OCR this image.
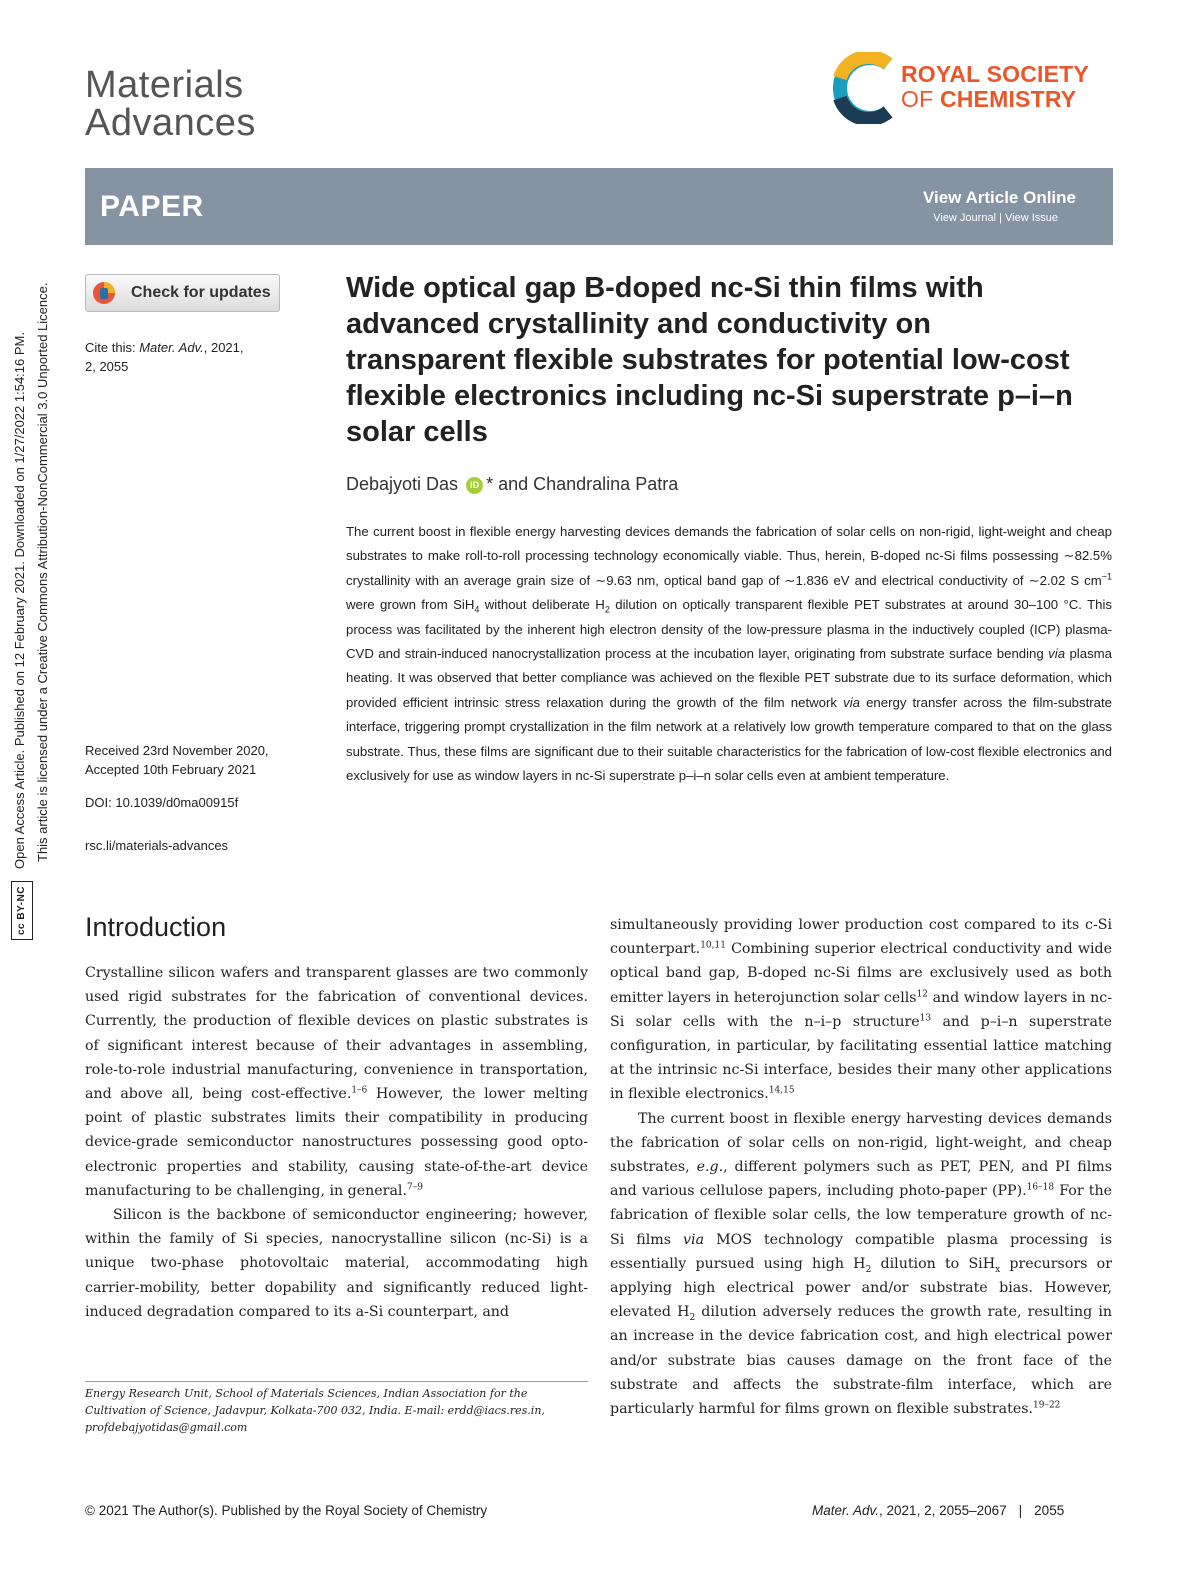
Materials
Advances
ROYAL SOCIETY
OF CHEMISTRY
PAPER	View Article Online
View Journal | View Issue
Check for updates
Cite this: Mater. Adv., 2021,
2, 2055
Received 23rd November 2020,
Accepted 10th February 2021
DOI: 10.1039/d0ma00915f
rsc.li/materials-advances
cc BY-NCOpen Access Article. Published on 12 February 2021. Downloaded on 1/27/2022 1:54:16 PM. This article is licensed under a Creative Commons Attribution-NonCommercial 3.0 Unported Licence.	Wide optical gap B-doped nc-Si thin films with advanced crystallinity and conductivity on transparent flexible substrates for potential low-cost flexible electronics including nc-Si superstrate p–i–n solar cells
Debajyoti Das iD * and Chandralina Patra
The current boost in flexible energy harvesting devices demands the fabrication of solar cells on non-rigid, light-weight and cheap substrates to make roll-to-roll processing technology economically viable. Thus, herein, B-doped nc-Si films possessing ∼82.5% crystallinity with an average grain size of ∼9.63 nm, optical band gap of ∼1.836 eV and electrical conductivity of ∼2.02 S $cm^{-1}$ were grown from SiH$_4$ without deliberate $H_2$ dilution on optically transparent flexible PET substrates at around 30–100 °C. This process was facilitated by the inherent high electron density of the low-pressure plasma in the inductively coupled (ICP) plasma-CVD and strain-induced nanocrystallization process at the incubation layer, originating from substrate surface bending via plasma heating. It was observed that better compliance was achieved on the flexible PET substrate due to its surface deformation, which provided efficient intrinsic stress relaxation during the growth of the film network via energy transfer across the film-substrate interface, triggering prompt crystallization in the film network at a relatively low growth temperature compared to that on the glass substrate. Thus, these films are significant due to their suitable characteristics for the fabrication of low-cost flexible electronics and exclusively for use as window layers in nc-Si superstrate p–i–n solar cells even at ambient temperature.
Introduction

Crystalline silicon wafers and transparent glasses are two commonly used rigid substrates for the fabrication of conventional devices. Currently, the production of flexible devices on plastic substrates is of significant interest because of their advantages in assembling, role-to-role industrial manufacturing, convenience in transportation, and above all, being cost-effective.$^{1-6}$ However, the lower melting point of plastic substrates limits their compatibility in producing device-grade semiconductor nanostructures possessing good opto-electronic properties and stability, causing state-of-the-art device manufacturing to be challenging, in general.$^{7-9}$

Silicon is the backbone of semiconductor engineering; however, within the family of Si species, nanocrystalline silicon (nc-Si) is a unique two-phase photovoltaic material, accommodating high carrier-mobility, better dopability and significantly reduced light-induced degradation compared to its a-Si counterpart, and

simultaneously providing lower production cost compared to its c-Si counterpart.$^{10,11}$ Combining superior electrical conductivity and wide optical band gap, B-doped nc-Si films are exclusively used as both emitter layers in heterojunction solar cells$^{12}$ and window layers in nc-Si solar cells with the n–i–p structure$^{13}$ and p–i–n superstrate configuration, in particular, by facilitating essential lattice matching at the intrinsic nc-Si interface, besides their many other applications in flexible electronics.$^{14,15}$

The current boost in flexible energy harvesting devices demands the fabrication of solar cells on non-rigid, light-weight, and cheap substrates, e.g., different polymers such as PET, PEN, and PI films and various cellulose papers, including photo-paper (PP).$^{16-18}$ For the fabrication of flexible solar cells, the low temperature growth of nc-Si films via MOS technology compatible plasma processing is essentially pursued using high $H_2$ dilution to SiH$_x$ precursors or applying high electrical power and/or substrate bias. However, elevated $H_2$ dilution adversely reduces the growth rate, resulting in an increase in the device fabrication cost, and high electrical power and/or substrate bias causes damage on the front face of the substrate and affects the substrate-film interface, which are particularly harmful for films grown on flexible substrates.$^{19-22}$

Energy Research Unit, School of Materials Sciences, Indian Association for the Cultivation of Science, Jadavpur, Kolkata-700 032, India. E-mail: erdd@iacs.res.in, profdebajyotidas@gmail.com
© 2021 The Author(s). Published by the Royal Society of Chemistry	Mater. Adv., 2021, 2, 2055–2067 | 2055
